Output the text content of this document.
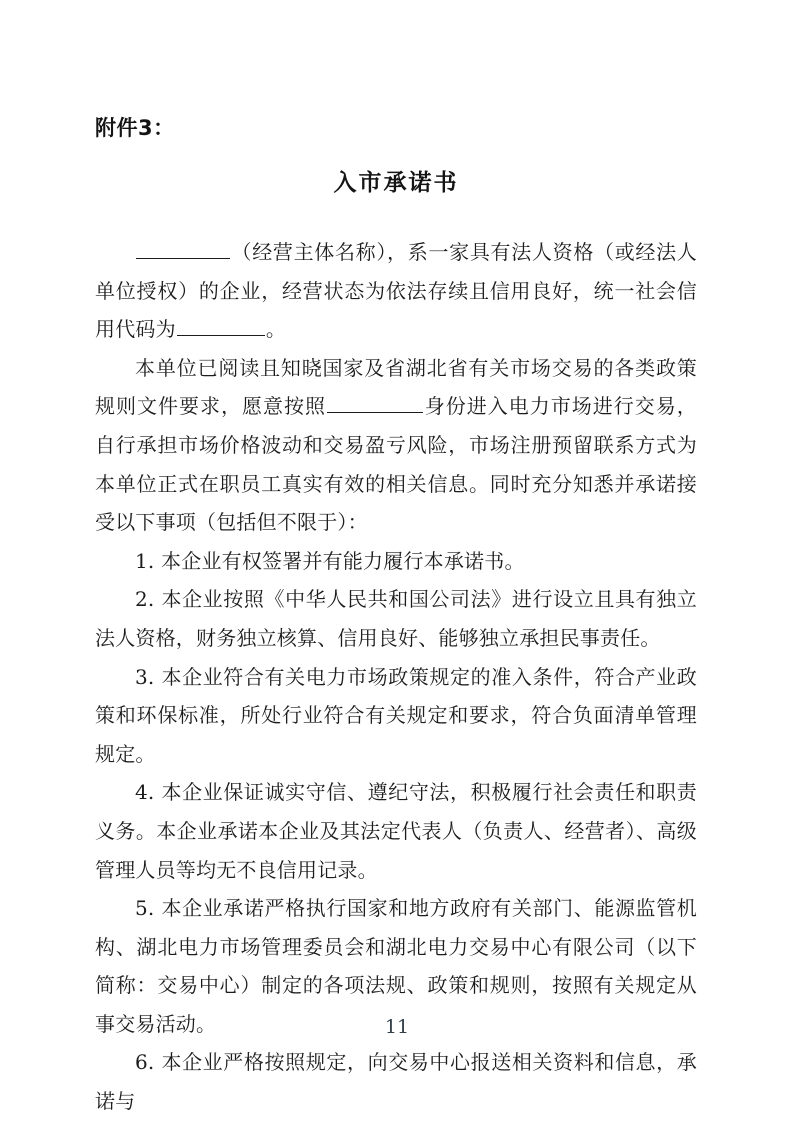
附件3：
入市承诺书

（经营主体名称），系一家具有法人资格（或经法人单位授权）的企业，经营状态为依法存续且信用良好，统一社会信用代码为	。

本单位已阅读且知晓国家及省湖北省有关市场交易的各类政策规则文件要求，愿意按照	身份进入电力市场进行交易，自行承担市场价格波动和交易盈亏风险，市场注册预留联系方式为本单位正式在职员工真实有效的相关信息。同时充分知悉并承诺接受以下事项（包括但不限于）：

1. 本企业有权签署并有能力履行本承诺书。

2. 本企业按照《中华人民共和国公司法》进行设立且具有独立法人资格，财务独立核算、信用良好、能够独立承担民事责任。

3. 本企业符合有关电力市场政策规定的准入条件，符合产业政策和环保标准，所处行业符合有关规定和要求，符合负面清单管理规定。

4. 本企业保证诚实守信、遵纪守法，积极履行社会责任和职责义务。本企业承诺本企业及其法定代表人（负责人、经营者）、高级管理人员等均无不良信用记录。

5. 本企业承诺严格执行国家和地方政府有关部门、能源监管机构、湖北电力市场管理委员会和湖北电力交易中心有限公司（以下简称：交易中心）制定的各项法规、政策和规则，按照有关规定从事交易活动。

6. 本企业严格按照规定，向交易中心报送相关资料和信息，承诺与

11
